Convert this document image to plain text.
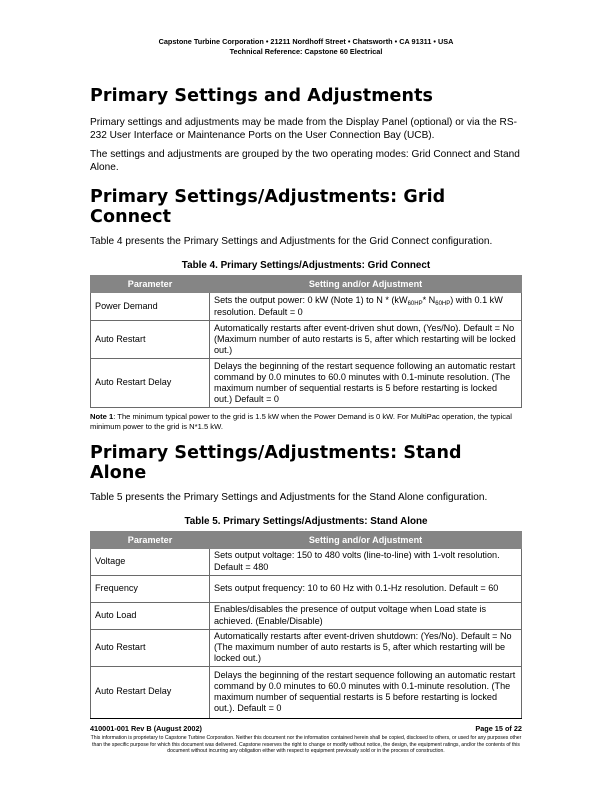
Capstone Turbine Corporation • 21211 Nordhoff Street • Chatsworth • CA 91311 • USA
Technical Reference: Capstone 60 Electrical
Primary Settings and Adjustments

Primary settings and adjustments may be made from the Display Panel (optional) or via the RS-232 User Interface or Maintenance Ports on the User Connection Bay (UCB).

The settings and adjustments are grouped by the two operating modes: Grid Connect and Stand Alone.

Primary Settings/Adjustments: Grid Connect

Table 4 presents the Primary Settings and Adjustments for the Grid Connect configuration.

Table 4. Primary Settings/Adjustments: Grid Connect
Parameter	Setting and/or Adjustment
Power Demand	Sets the output power: 0 kW (Note 1) to N * ($kW_{60HP}*$ $N_{60HP}$) with 0.1 kW resolution. Default = 0
Auto Restart	Automatically restarts after event-driven shut down, (Yes/No). Default = No (Maximum number of auto restarts is 5, after which restarting will be locked out.)
Auto Restart Delay	Delays the beginning of the restart sequence following an automatic restart command by 0.0 minutes to 60.0 minutes with 0.1-minute resolution. (The maximum number of sequential restarts is 5 before restarting is locked out.) Default = 0

Note 1: The minimum typical power to the grid is 1.5 kW when the Power Demand is 0 kW. For MultiPac operation, the typical minimum power to the grid is N*1.5 kW.

Primary Settings/Adjustments: Stand Alone

Table 5 presents the Primary Settings and Adjustments for the Stand Alone configuration.

Table 5. Primary Settings/Adjustments: Stand Alone
Parameter	Setting and/or Adjustment
Voltage	Sets output voltage: 150 to 480 volts (line-to-line) with 1-volt resolution. Default = 480
Frequency	Sets output frequency: 10 to 60 Hz with 0.1-Hz resolution. Default = 60
Auto Load	Enables/disables the presence of output voltage when Load state is achieved. (Enable/Disable)
Auto Restart	Automatically restarts after event-driven shutdown: (Yes/No). Default = No (The maximum number of auto restarts is 5, after which restarting will be locked out.)
Auto Restart Delay	Delays the beginning of the restart sequence following an automatic restart command by 0.0 minutes to 60.0 minutes with 0.1-minute resolution. (The maximum number of sequential restarts is 5 before restarting is locked out.). Default = 0
410001-001 Rev B (August 2002)	Page 15 of 22
This information is proprietary to Capstone Turbine Corporation. Neither this document nor the information contained herein shall be copied, disclosed to others, or used for any purposes other than the specific purpose for which this document was delivered. Capstone reserves the right to change or modify without notice, the design, the equipment ratings, and/or the contents of this document without incurring any obligation either with respect to equipment previously sold or in the process of construction.
